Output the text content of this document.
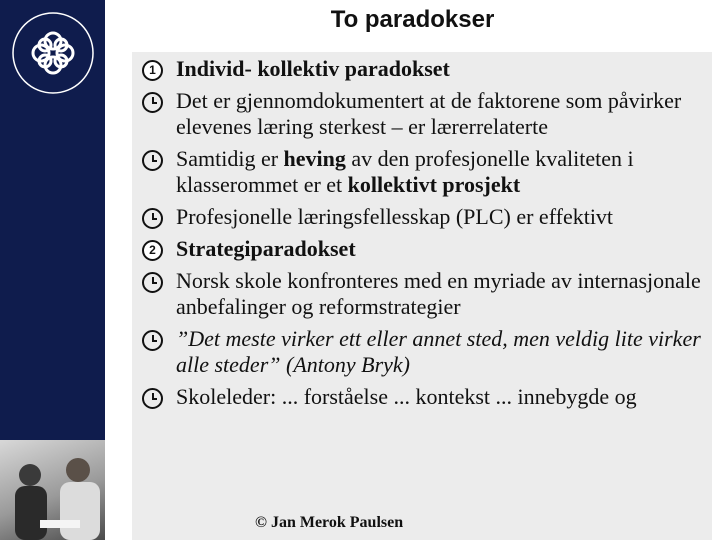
To paradokser
1 Individ- kollektiv paradokset
Det er gjennomdokumentert at de faktorene som påvirker elevenes læring sterkest – er lærerrelaterte
Samtidig er heving av den profesjonelle kvaliteten i klasserommet er et kollektivt prosjekt
Profesjonelle læringsfellesskap (PLC) er effektivt
2 Strategiparadokset
Norsk skole konfronteres med en myriade av internasjonale anbefalinger og reformstrategier
”Det meste virker ett eller annet sted, men veldig lite virker alle steder” (Antony Bryk)
Skoleleder: ... forståelse ... kontekst ... innebygde og
© Jan Merok Paulsen
